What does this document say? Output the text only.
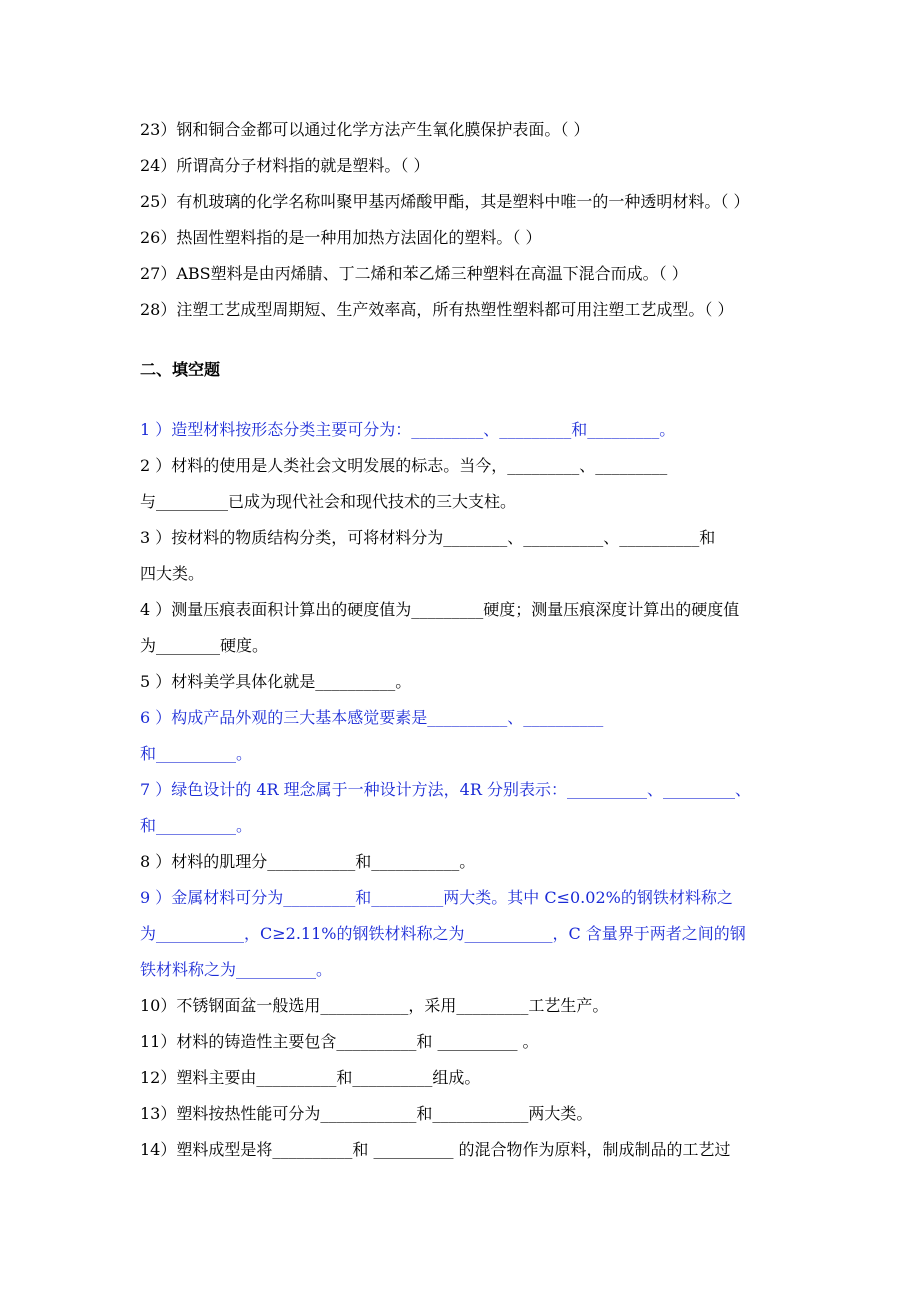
23）钢和铜合金都可以通过化学方法产生氧化膜保护表面。（ ）
24）所谓高分子材料指的就是塑料。（ ）
25）有机玻璃的化学名称叫聚甲基丙烯酸甲酯，其是塑料中唯一的一种透明材料。（ ）
26）热固性塑料指的是一种用加热方法固化的塑料。（ ）
27）ABS塑料是由丙烯腈、丁二烯和苯乙烯三种塑料在高温下混合而成。（ ）
28）注塑工艺成型周期短、生产效率高，所有热塑性塑料都可用注塑工艺成型。（ ）
二、填空题
1 ）造型材料按形态分类主要可分为：_________、_________和_________。
2 ）材料的使用是人类社会文明发展的标志。当今，_________、_________
与_________已成为现代社会和现代技术的三大支柱。
3 ）按材料的物质结构分类，可将材料分为________、__________、__________和
四大类。
4 ）测量压痕表面积计算出的硬度值为_________硬度；测量压痕深度计算出的硬度值
为________硬度。
5 ）材料美学具体化就是__________。
6 ）构成产品外观的三大基本感觉要素是__________、__________
和__________。
7 ）绿色设计的 4R 理念属于一种设计方法，4R 分别表示：__________、_________、
和__________。
8 ）材料的肌理分___________和___________。
9 ）金属材料可分为_________和_________两大类。其中 C≤0.02%的钢铁材料称之
为___________，C≥2.11%的钢铁材料称之为___________，C 含量界于两者之间的钢
铁材料称之为__________。
10）不锈钢面盆一般选用___________，采用_________工艺生产。
11）材料的铸造性主要包含__________和 __________ 。
12）塑料主要由__________和__________组成。
13）塑料按热性能可分为____________和____________两大类。
14）塑料成型是将__________和 __________ 的混合物作为原料，制成制品的工艺过
